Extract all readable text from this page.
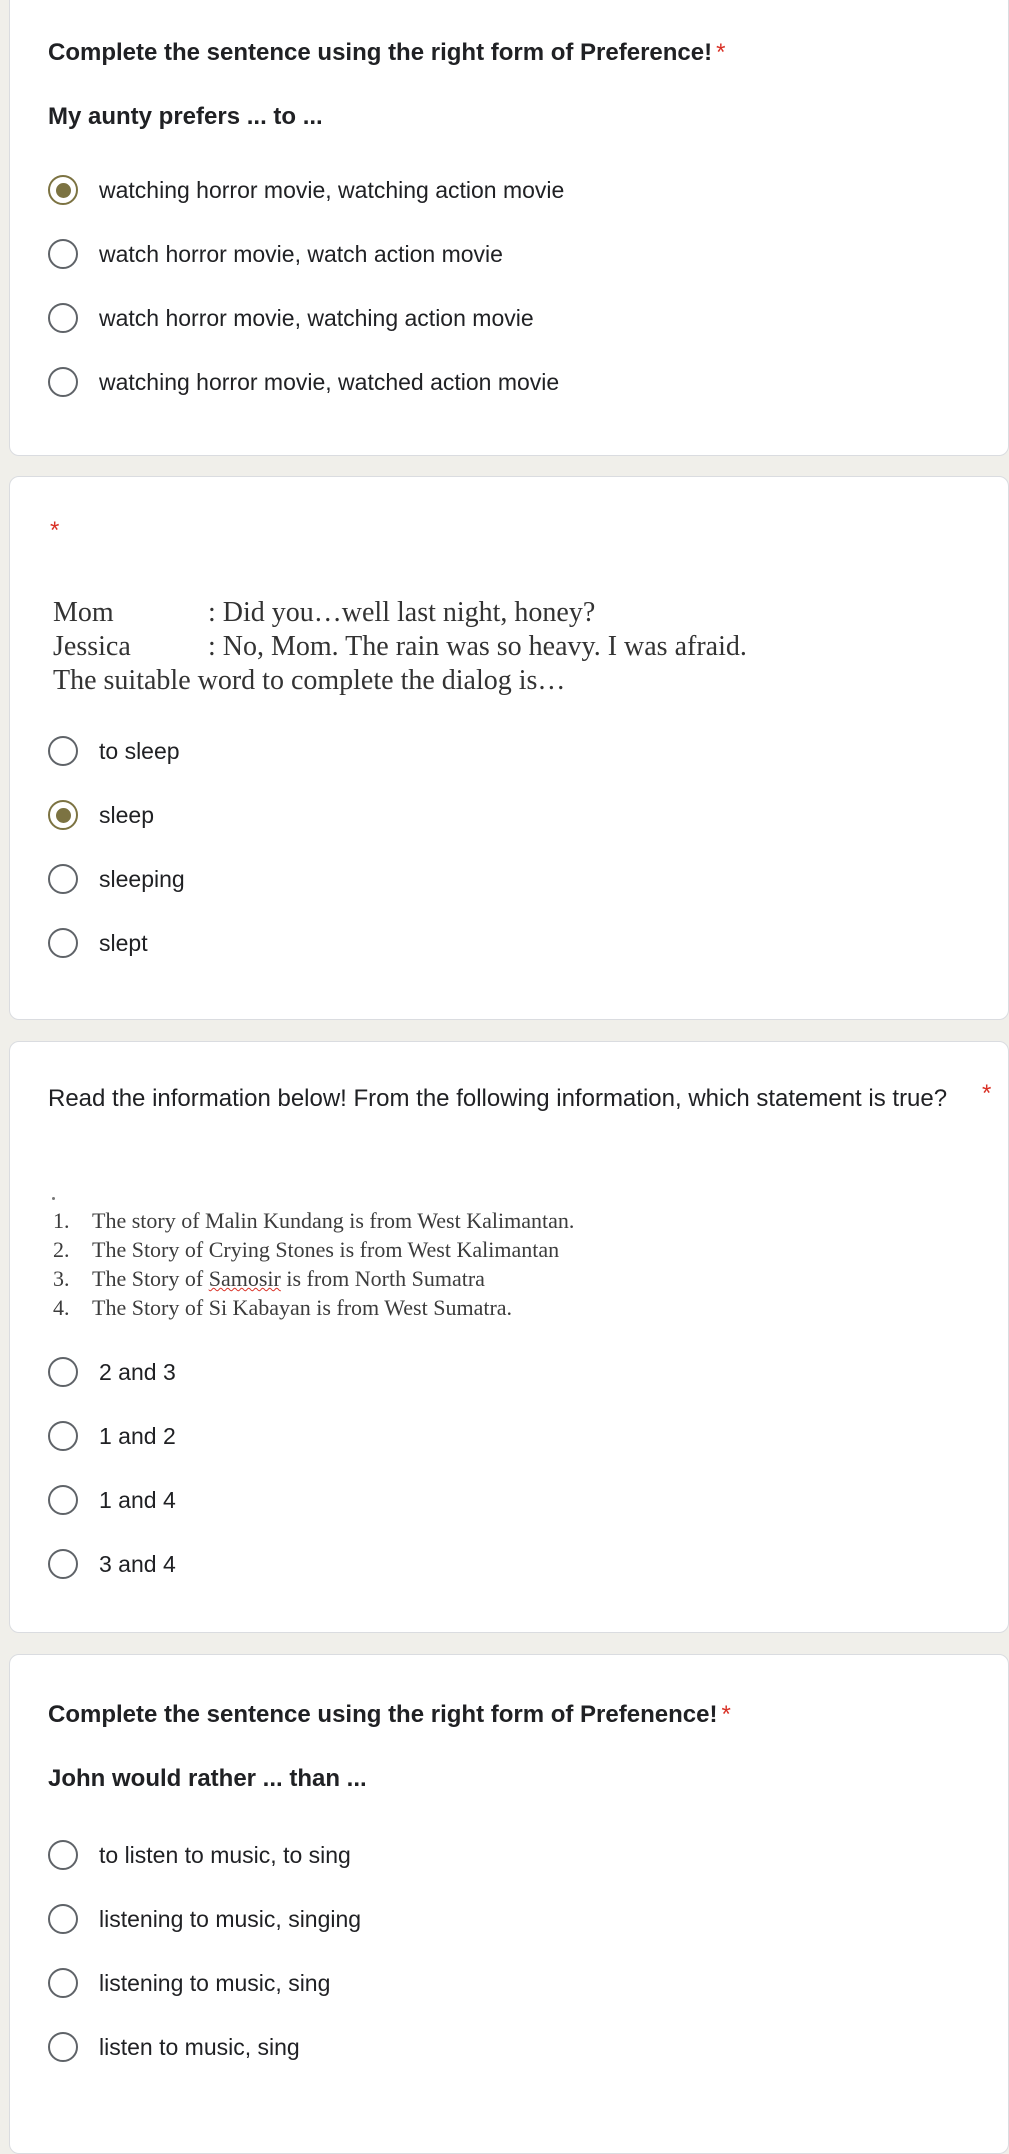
Complete the sentence using the right form of Preference! *

My aunty prefers ... to ...

watching horror movie, watching action movie
watch horror movie, watch action movie
watch horror movie, watching action movie
watching horror movie, watched action movie
*
Mom	: Did you…well last night, honey?
Jessica	: No, Mom. The rain was so heavy. I was afraid.
The suitable word to complete the dialog is…
to sleep
sleep
sleeping
slept

Read the information below! From the following information, which statement is true?	*
1.	The story of Malin Kundang is from West Kalimantan.
2.	The Story of Crying Stones is from West Kalimantan
3.	The Story of Samosir is from North Sumatra
4.	The Story of Si Kabayan is from West Sumatra.
2 and 3
1 and 2
1 and 4
3 and 4
Complete the sentence using the right form of Prefenence! *

John would rather ... than ...

to listen to music, to sing
listening to music, singing
listening to music, sing
listen to music, sing
